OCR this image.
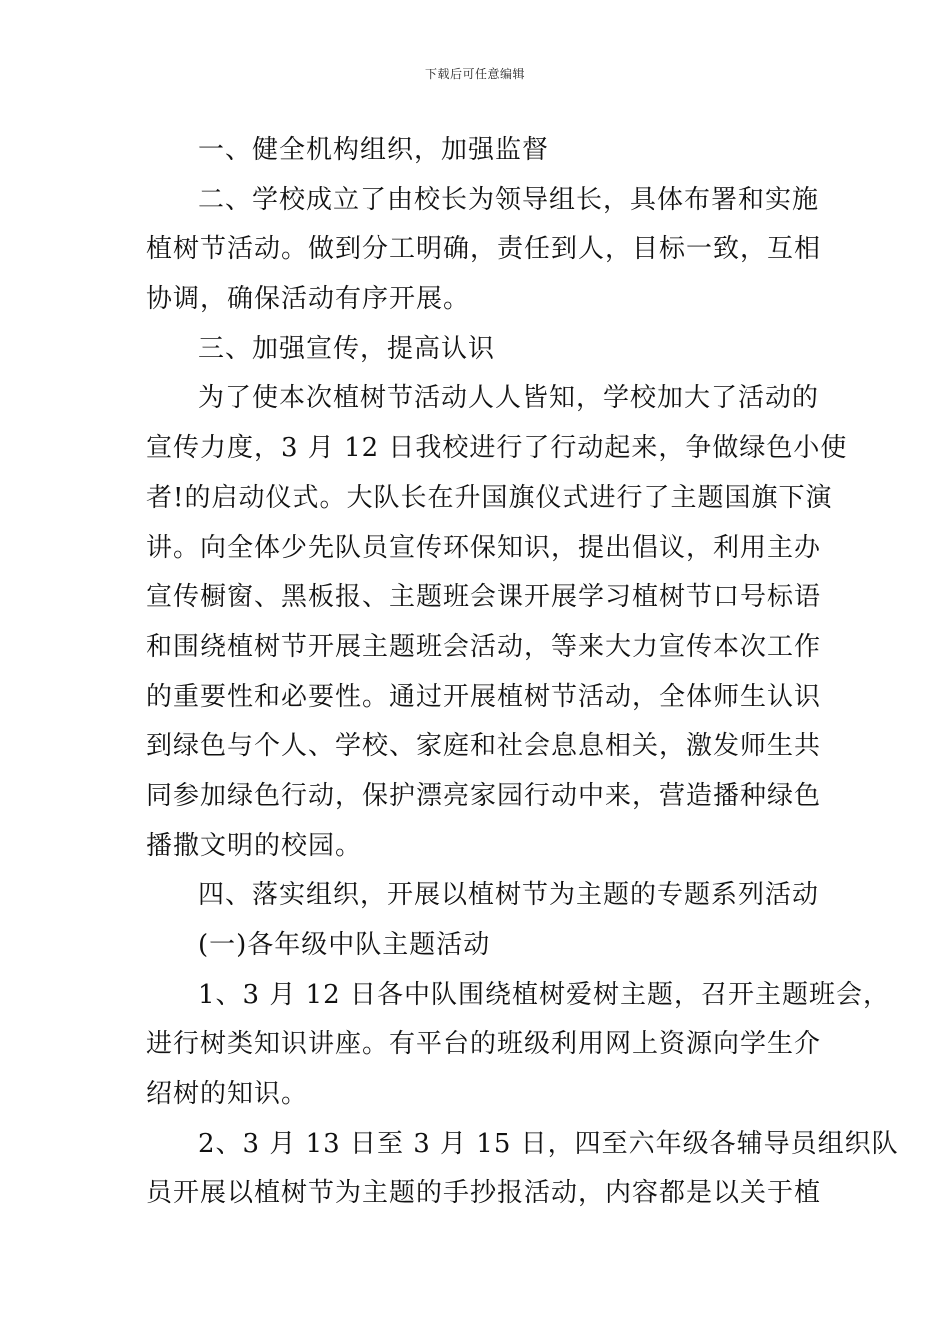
下载后可任意编辑
一、健全机构组织，加强监督
二、学校成立了由校长为领导组长，具体布署和实施
植树节活动。做到分工明确，责任到人，目标一致，互相
协调，确保活动有序开展。
三、加强宣传，提高认识
为了使本次植树节活动人人皆知，学校加大了活动的
宣传力度，3 月 12 日我校进行了行动起来，争做绿色小使
者!的启动仪式。大队长在升国旗仪式进行了主题国旗下演
讲。向全体少先队员宣传环保知识，提出倡议，利用主办
宣传橱窗、黑板报、主题班会课开展学习植树节口号标语
和围绕植树节开展主题班会活动，等来大力宣传本次工作
的重要性和必要性。通过开展植树节活动，全体师生认识
到绿色与个人、学校、家庭和社会息息相关，激发师生共
同参加绿色行动，保护漂亮家园行动中来，营造播种绿色
播撒文明的校园。
四、落实组织，开展以植树节为主题的专题系列活动
(一)各年级中队主题活动
1、3 月 12 日各中队围绕植树爱树主题，召开主题班会，
进行树类知识讲座。有平台的班级利用网上资源向学生介
绍树的知识。
2、3 月 13 日至 3 月 15 日，四至六年级各辅导员组织队
员开展以植树节为主题的手抄报活动，内容都是以关于植
